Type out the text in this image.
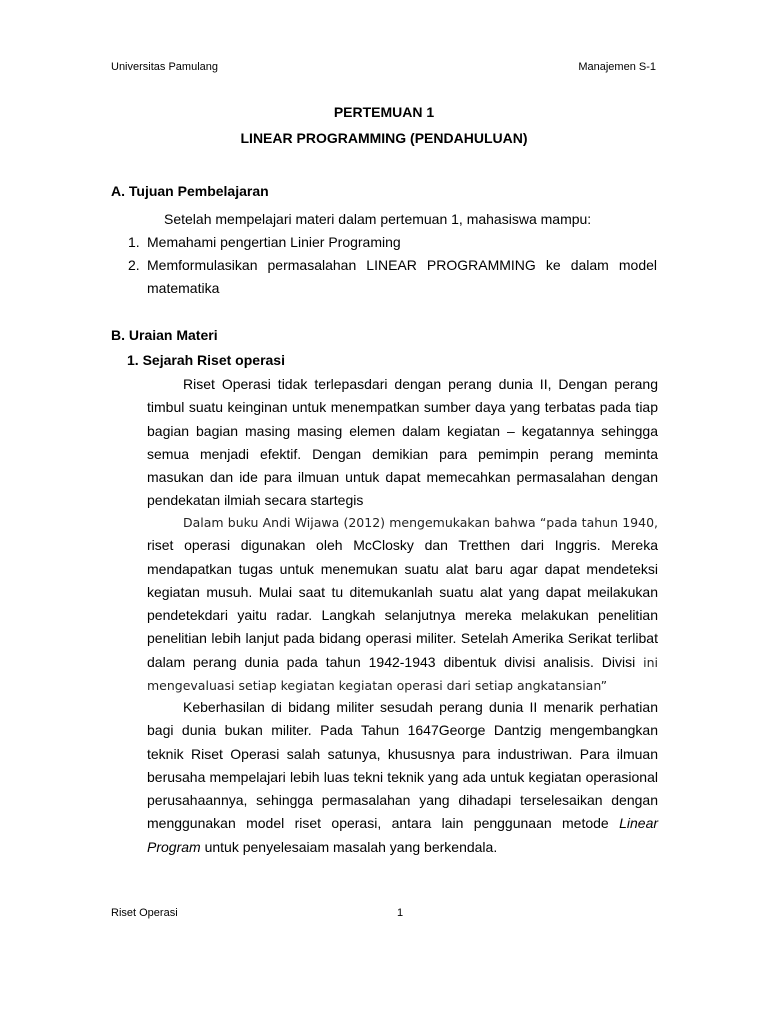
Universitas Pamulang	Manajemen S-1
PERTEMUAN 1
LINEAR PROGRAMMING (PENDAHULUAN)
A. Tujuan Pembelajaran
Setelah mempelajari materi dalam pertemuan 1, mahasiswa mampu:
1. Memahami pengertian Linier Programing
2. Memformulasikan permasalahan LINEAR PROGRAMMING ke dalam model
matematika
B. Uraian Materi
1. Sejarah Riset operasi
Riset Operasi tidak terlepasdari dengan perang dunia II, Dengan perang timbul suatu keinginan untuk menempatkan sumber daya yang terbatas pada tiap bagian bagian masing masing elemen dalam kegiatan – kegatannya sehingga semua menjadi efektif. Dengan demikian para pemimpin perang meminta masukan dan ide para ilmuan untuk dapat memecahkan permasalahan dengan pendekatan ilmiah secara startegis
Dalam buku Andi Wijawa (2012) mengemukakan bahwa “pada tahun 1940, riset operasi digunakan oleh McClosky dan Tretthen dari Inggris. Mereka mendapatkan tugas untuk menemukan suatu alat baru agar dapat mendeteksi kegiatan musuh. Mulai saat tu ditemukanlah suatu alat yang dapat meilakukan pendetekdari yaitu radar. Langkah selanjutnya mereka melakukan penelitian penelitian lebih lanjut pada bidang operasi militer. Setelah Amerika Serikat terlibat dalam perang dunia pada tahun 1942-1943 dibentuk divisi analisis. Divisi ini mengevaluasi setiap kegiatan kegiatan operasi dari setiap angkatansian”
Keberhasilan di bidang militer sesudah perang dunia II menarik perhatian bagi dunia bukan militer. Pada Tahun 1647George Dantzig mengembangkan teknik Riset Operasi salah satunya, khususnya para industriwan. Para ilmuan berusaha mempelajari lebih luas tekni teknik yang ada untuk kegiatan operasional perusahaannya, sehingga permasalahan yang dihadapi terselesaikan dengan menggunakan model riset operasi, antara lain penggunaan metode Linear Program untuk penyelesaiam masalah yang berkendala.
Riset Operasi	1
